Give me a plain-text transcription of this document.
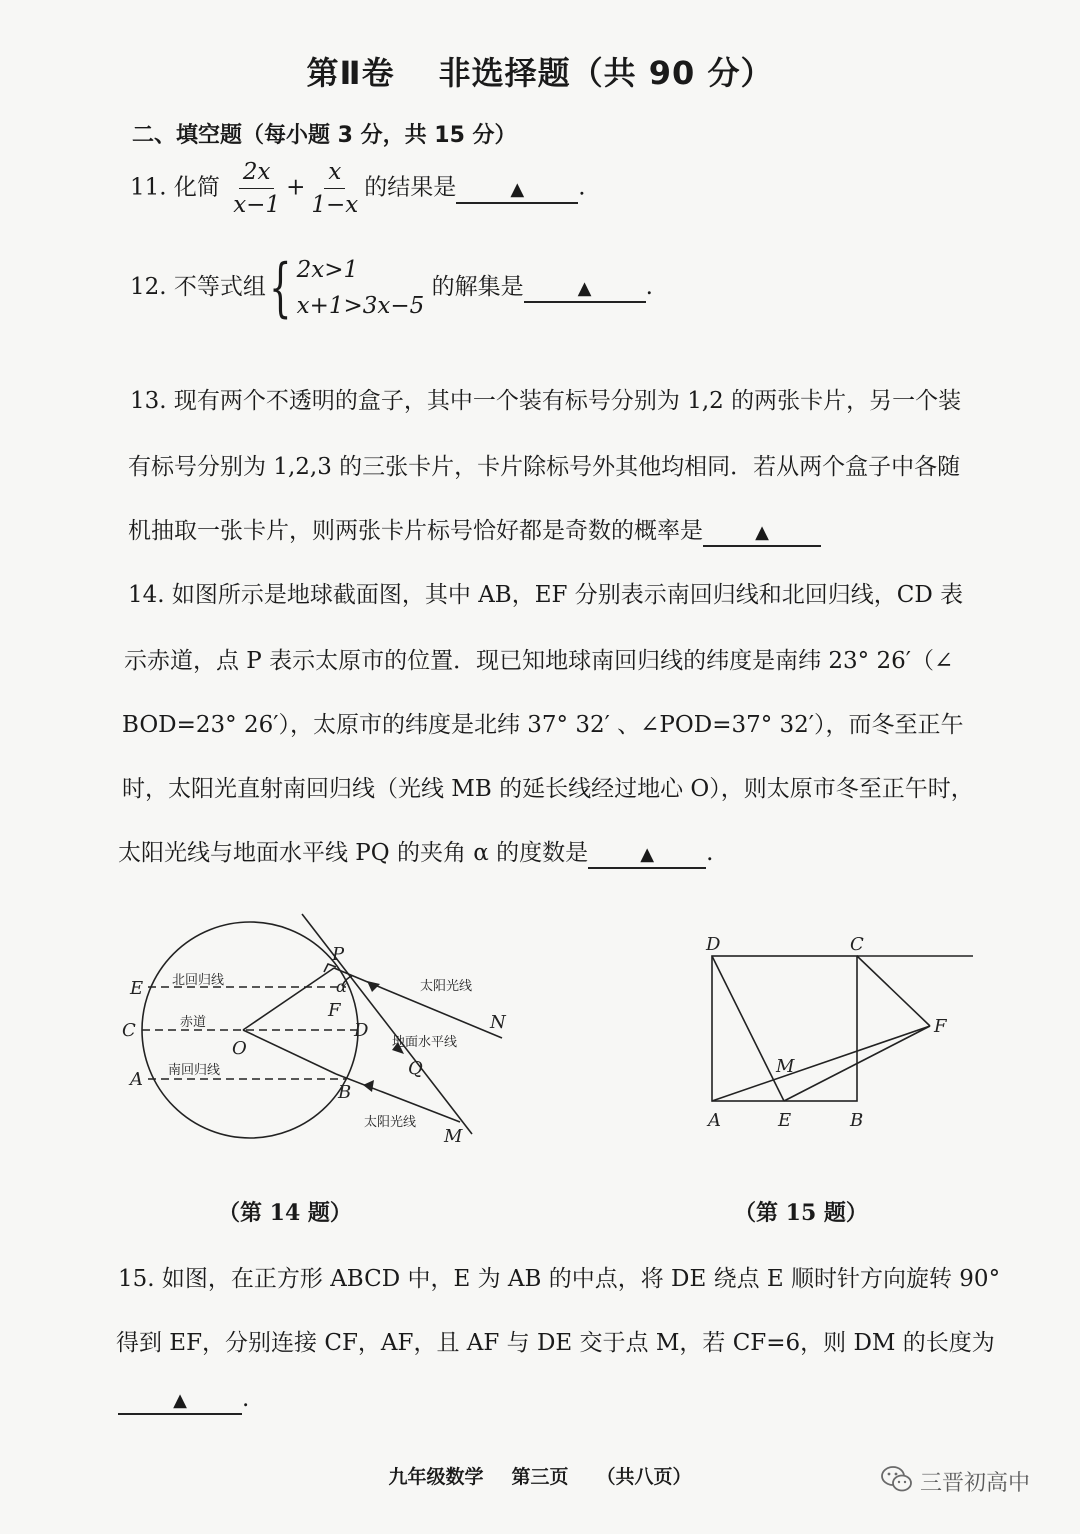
第Ⅱ卷 非选择题（共 90 分）
二、填空题（每小题 3 分，共 15 分）
11. 化简 $\frac{2x}{x-1} + \frac{x}{1-x}$ 的结果是	▲ .
12. 不等式组{ 2x>1
x+1>3x−5
的解集是	▲ .
13. 现有两个不透明的盒子，其中一个装有标号分别为 1,2 的两张卡片，另一个装
有标号分别为 1,2,3 的三张卡片，卡片除标号外其他均相同．若从两个盒子中各随
机抽取一张卡片，则两张卡片标号恰好都是奇数的概率是	▲
14. 如图所示是地球截面图，其中 AB，EF 分别表示南回归线和北回归线，CD 表
示赤道，点 P 表示太原市的位置．现已知地球南回归线的纬度是南纬 23° 26′（∠
BOD=23° 26′），太原市的纬度是北纬 37° 32′ 、∠POD=37° 32′），而冬至正午
时，太阳光直射南回归线（光线 MB 的延长线经过地心 O），则太原市冬至正午时，
太阳光线与地面水平线 PQ 的夹角 α 的度数是	▲ .
E
C
A
O
P
F
D
B
Q
N
M
α
北回归线
赤道
南回归线
太阳光线
地面水平线
太阳光线
D	C
F
M
A	E	B
（第 14 题）	（第 15 题）
15. 如图，在正方形 ABCD 中，E 为 AB 的中点，将 DE 绕点 E 顺时针方向旋转 90°
得到 EF，分别连接 CF，AF，且 AF 与 DE 交于点 M，若 CF=6，则 DM 的长度为
▲ .
九年级数学 第三页 （共八页）	三晋初高中
